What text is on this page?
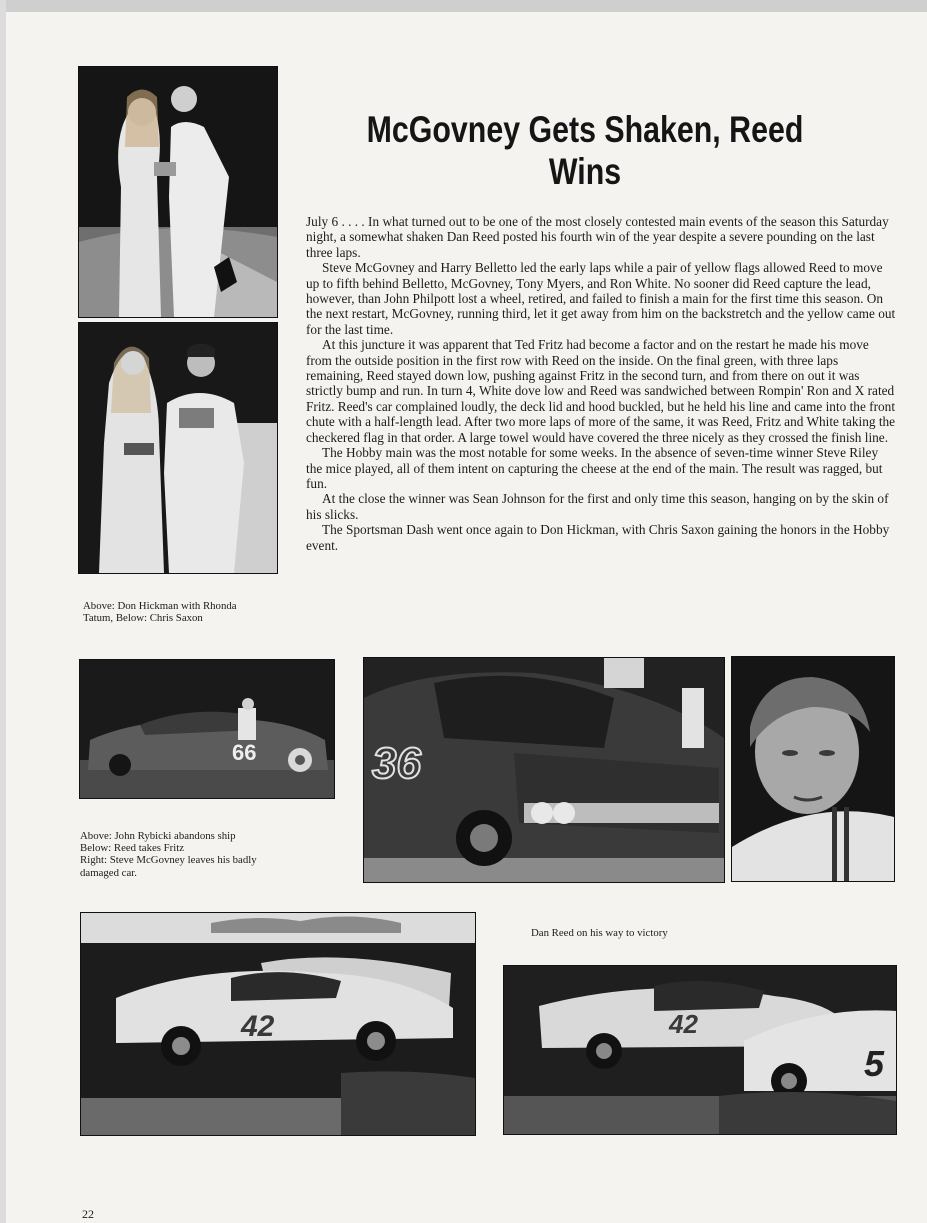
McGovney Gets Shaken, Reed Wins

July 6 . . . . In what turned out to be one of the most closely contested main events of the season this Saturday night, a somewhat shaken Dan Reed posted his fourth win of the year despite a severe pounding on the last three laps.

Steve McGovney and Harry Belletto led the early laps while a pair of yellow flags allowed Reed to move up to fifth behind Belletto, McGovney, Tony Myers, and Ron White. No sooner did Reed capture the lead, however, than John Philpott lost a wheel, retired, and failed to finish a main for the first time this season. On the next restart, McGovney, running third, let it get away from him on the backstretch and the yellow came out for the last time.

At this juncture it was apparent that Ted Fritz had become a factor and on the restart he made his move from the outside position in the first row with Reed on the inside. On the final green, with three laps remaining, Reed stayed down low, pushing against Fritz in the second turn, and from there on out it was strictly bump and run. In turn 4, White dove low and Reed was sandwiched between Rompin' Ron and X rated Fritz. Reed's car complained loudly, the deck lid and hood buckled, but he held his line and came into the front chute with a half-length lead. After two more laps of more of the same, it was Reed, Fritz and White taking the checkered flag in that order. A large towel would have covered the three nicely as they crossed the finish line.

The Hobby main was the most notable for some weeks. In the absence of seven-time winner Steve Riley the mice played, all of them intent on capturing the cheese at the end of the main. The result was ragged, but fun.

At the close the winner was Sean Johnson for the first and only time this season, hanging on by the skin of his slicks.

The Sportsman Dash went once again to Don Hickman, with Chris Saxon gaining the honors in the Hobby event.

Above: Don Hickman with Rhonda
Tatum, Below: Chris Saxon
66
Above: John Rybicki abandons ship
Below: Reed takes Fritz
Right: Steve McGovney leaves his badly
damaged car.
36
42
Dan Reed on his way to victory
42
5
22
